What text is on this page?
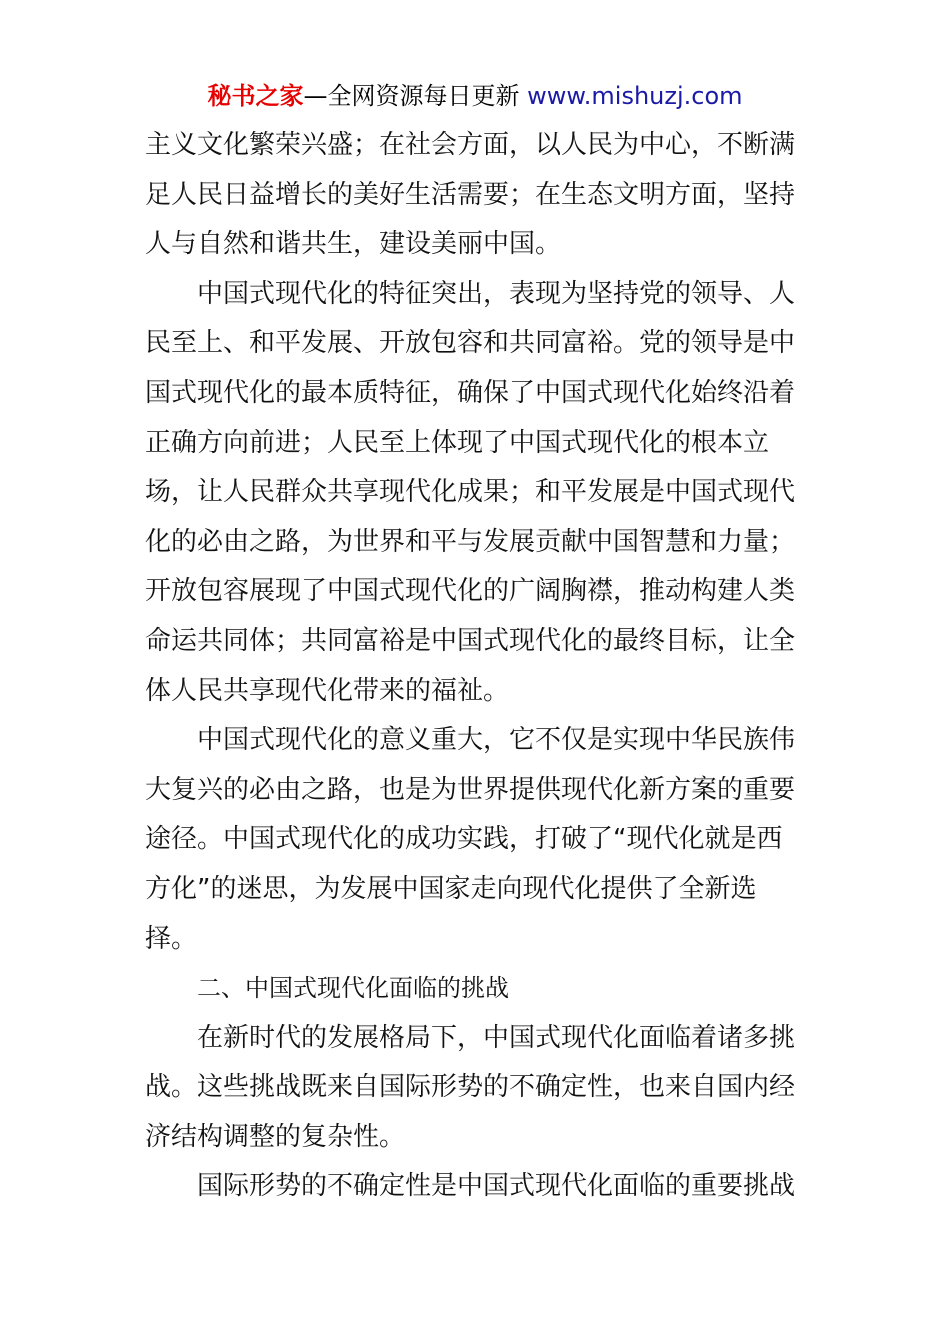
秘书之家—全网资源每日更新 www.mishuzj.com
主义文化繁荣兴盛；在社会方面，以人民为中心，不断满
足人民日益增长的美好生活需要；在生态文明方面，坚持
人与自然和谐共生，建设美丽中国。
中国式现代化的特征突出，表现为坚持党的领导、人
民至上、和平发展、开放包容和共同富裕。党的领导是中
国式现代化的最本质特征，确保了中国式现代化始终沿着
正确方向前进；人民至上体现了中国式现代化的根本立
场，让人民群众共享现代化成果；和平发展是中国式现代
化的必由之路，为世界和平与发展贡献中国智慧和力量；
开放包容展现了中国式现代化的广阔胸襟，推动构建人类
命运共同体；共同富裕是中国式现代化的最终目标，让全
体人民共享现代化带来的福祉。
中国式现代化的意义重大，它不仅是实现中华民族伟
大复兴的必由之路，也是为世界提供现代化新方案的重要
途径。中国式现代化的成功实践，打破了“现代化就是西
方化”的迷思，为发展中国家走向现代化提供了全新选
择。
二、中国式现代化面临的挑战
在新时代的发展格局下，中国式现代化面临着诸多挑
战。这些挑战既来自国际形势的不确定性，也来自国内经
济结构调整的复杂性。
国际形势的不确定性是中国式现代化面临的重要挑战
